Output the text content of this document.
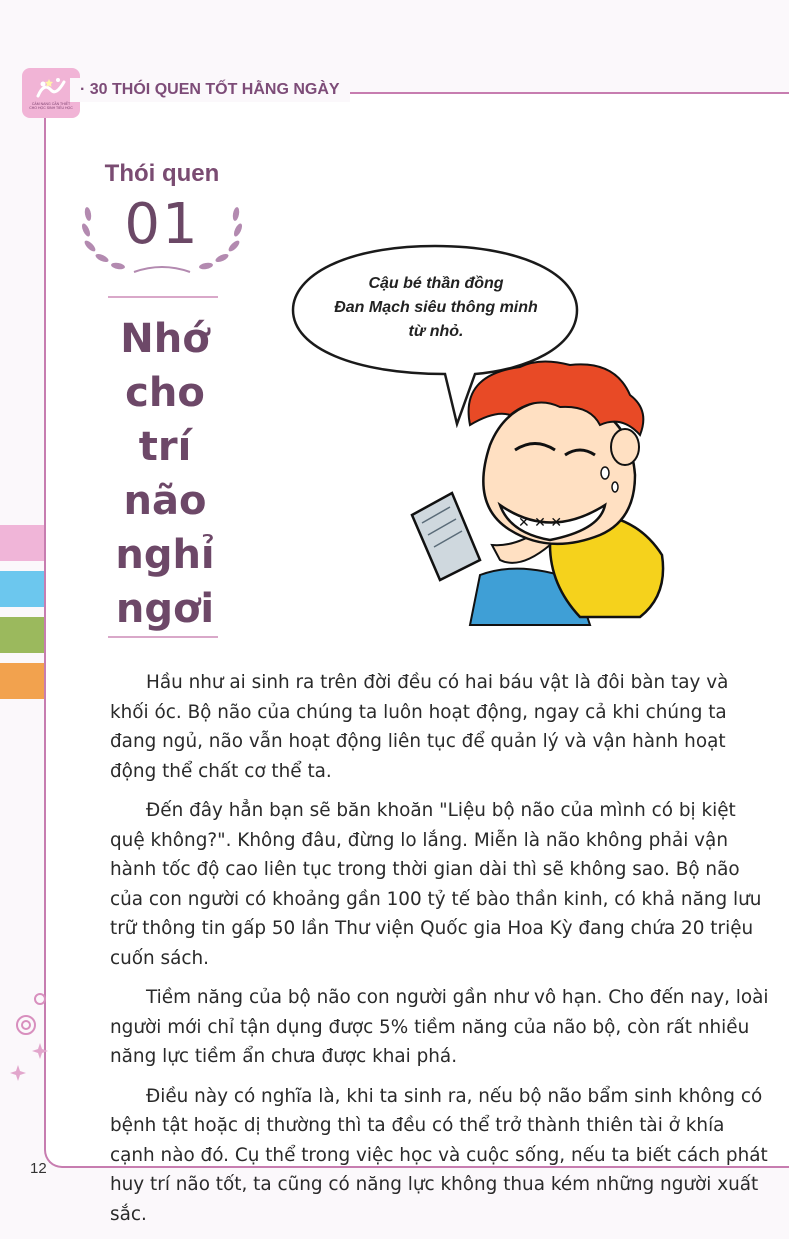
CẨM NANG CẦN THIẾT
CHO HỌC SINH TIỂU HỌC
· 30 THÓI QUEN TỐT HẰNG NGÀY
Thói quen
01
Nhớ
cho
trí
não
nghỉ
ngơi
Cậu bé thần đồng
Đan Mạch siêu thông minh
từ nhỏ.
✕ ✕ ✕

Hầu như ai sinh ra trên đời đều có hai báu vật là đôi bàn tay và khối óc. Bộ não của chúng ta luôn hoạt động, ngay cả khi chúng ta đang ngủ, não vẫn hoạt động liên tục để quản lý và vận hành hoạt động thể chất cơ thể ta.

Đến đây hẳn bạn sẽ băn khoăn "Liệu bộ não của mình có bị kiệt quệ không?". Không đâu, đừng lo lắng. Miễn là não không phải vận hành tốc độ cao liên tục trong thời gian dài thì sẽ không sao. Bộ não của con người có khoảng gần 100 tỷ tế bào thần kinh, có khả năng lưu trữ thông tin gấp 50 lần Thư viện Quốc gia Hoa Kỳ đang chứa 20 triệu cuốn sách.

Tiềm năng của bộ não con người gần như vô hạn. Cho đến nay, loài người mới chỉ tận dụng được 5% tiềm năng của não bộ, còn rất nhiều năng lực tiềm ẩn chưa được khai phá.

Điều này có nghĩa là, khi ta sinh ra, nếu bộ não bẩm sinh không có bệnh tật hoặc dị thường thì ta đều có thể trở thành thiên tài ở khía cạnh nào đó. Cụ thể trong việc học và cuộc sống, nếu ta biết cách phát huy trí não tốt, ta cũng có năng lực không thua kém những người xuất sắc.

12
